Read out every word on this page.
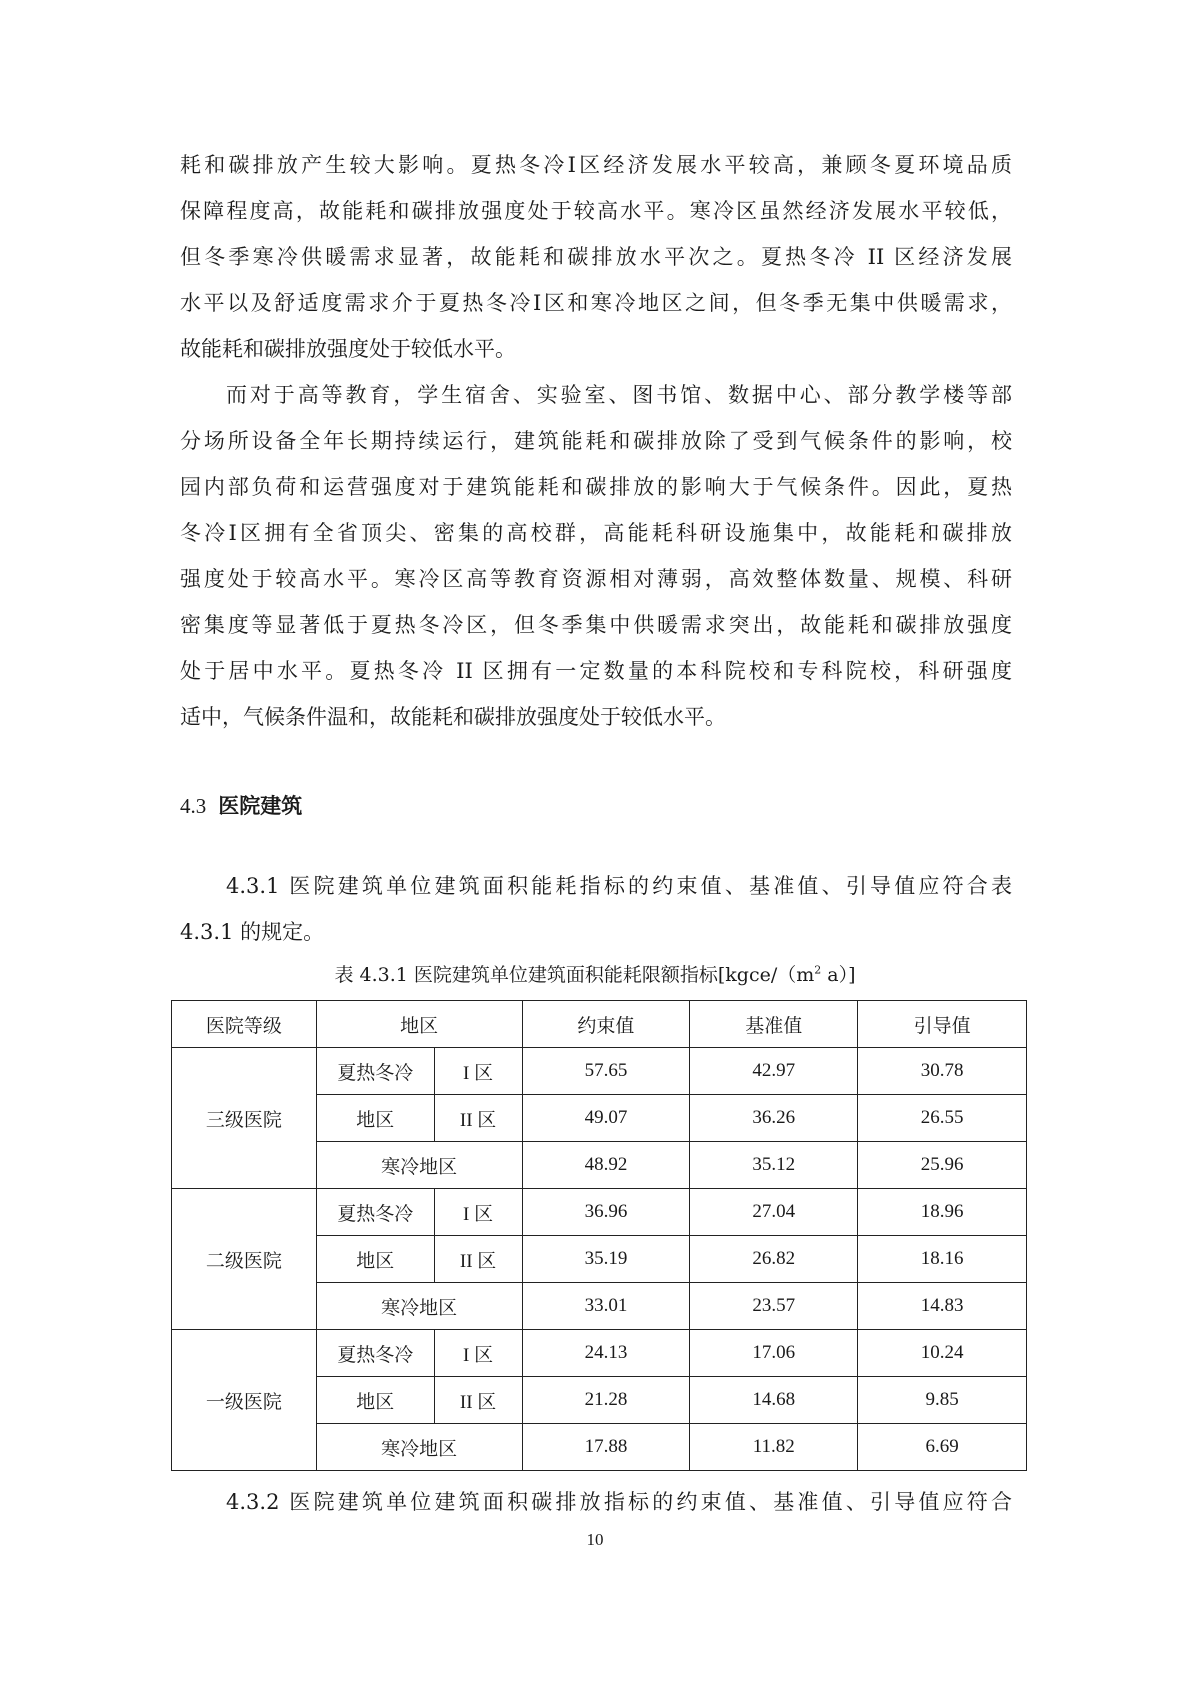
耗和碳排放产生较大影响。夏热冬冷Ⅰ区经济发展水平较高，兼顾冬夏环境品质
保障程度高，故能耗和碳排放强度处于较高水平。寒冷区虽然经济发展水平较低，
但冬季寒冷供暖需求显著，故能耗和碳排放水平次之。夏热冬冷 II 区经济发展
水平以及舒适度需求介于夏热冬冷Ⅰ区和寒冷地区之间，但冬季无集中供暖需求，
故能耗和碳排放强度处于较低水平。
而对于高等教育，学生宿舍、实验室、图书馆、数据中心、部分教学楼等部
分场所设备全年长期持续运行，建筑能耗和碳排放除了受到气候条件的影响，校
园内部负荷和运营强度对于建筑能耗和碳排放的影响大于气候条件。因此，夏热
冬冷Ⅰ区拥有全省顶尖、密集的高校群，高能耗科研设施集中，故能耗和碳排放
强度处于较高水平。寒冷区高等教育资源相对薄弱，高效整体数量、规模、科研
密集度等显著低于夏热冬冷区，但冬季集中供暖需求突出，故能耗和碳排放强度
处于居中水平。夏热冬冷 II 区拥有一定数量的本科院校和专科院校，科研强度
适中，气候条件温和，故能耗和碳排放强度处于较低水平。
4.3 医院建筑
4.3.1 医院建筑单位建筑面积能耗指标的约束值、基准值、引导值应符合表
4.3.1 的规定。
表 4.3.1 医院建筑单位建筑面积能耗限额指标[$kgce/(m^2$ a）]
医院等级	地区		约束值	基准值	引导值
三级医院	夏热冬冷	I 区	57.65	42.97	30.78
	地区	II 区	49.07	36.26	26.55
	寒冷地区		48.92	35.12	25.96
二级医院	夏热冬冷	I 区	36.96	27.04	18.96
	地区	II 区	35.19	26.82	18.16
	寒冷地区		33.01	23.57	14.83
一级医院	夏热冬冷	I 区	24.13	17.06	10.24
	地区	II 区	21.28	14.68	9.85
	寒冷地区		17.88	11.82	6.69
4.3.2 医院建筑单位建筑面积碳排放指标的约束值、基准值、引导值应符合
10
